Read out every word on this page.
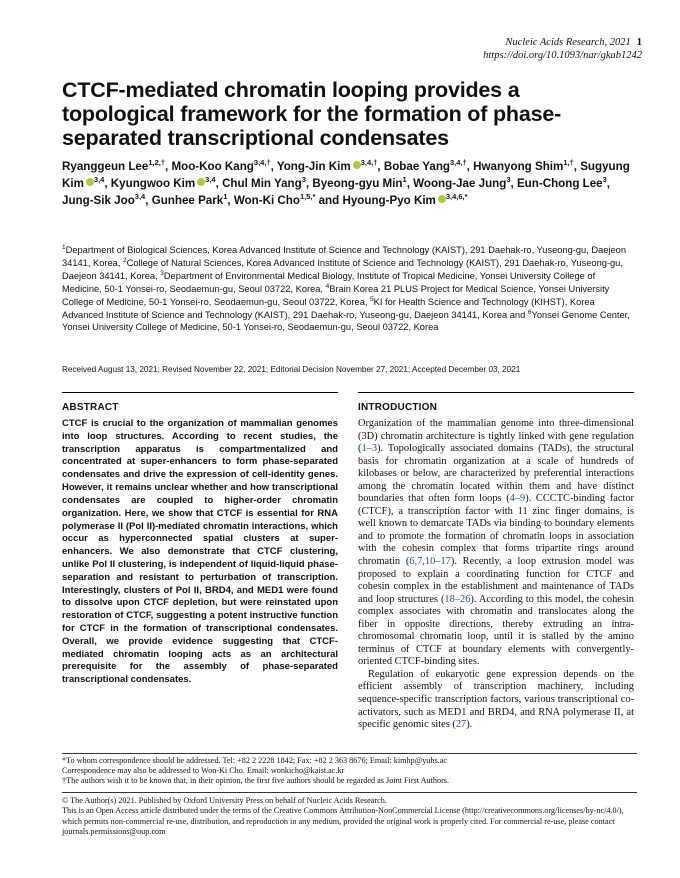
Nucleic Acids Research, 2021 1
https://doi.org/10.1093/nar/gkab1242
CTCF-mediated chromatin looping provides a topological framework for the formation of phase-separated transcriptional condensates
Ryanggeun Lee$^{1,2,\dagger}$, Moo-Koo Kang$^{3,4,\dagger}$, Yong-Jin Kim $^{3,4,\dagger}$, Bobae Yang$^{3,4,\dagger}$, Hwanyong Shim$^{1,\dagger}$, Sugyung Kim $^{3,4}$, Kyungwoo Kim $^{3,4}$, Chul Min Yang$^3$, Byeong-gyu Min$^1$, Woong-Jae Jung$^3$, Eun-Chong Lee$^3$, Jung-Sik Joo$^{3,4}$, Gunhee Park$^1$, Won-Ki Cho$^{1,5,*}$ and Hyoung-Pyo Kim $^{3,4,6,*}$
$^1$Department of Biological Sciences, Korea Advanced Institute of Science and Technology (KAIST), 291 Daehak-ro, Yuseong-gu, Daejeon 34141, Korea, $^2$College of Natural Sciences, Korea Advanced Institute of Science and Technology (KAIST), 291 Daehak-ro, Yuseong-gu, Daejeon 34141, Korea, $^3$Department of Environmental Medical Biology, Institute of Tropical Medicine, Yonsei University College of Medicine, 50-1 Yonsei-ro, Seodaemun-gu, Seoul 03722, Korea, $^4$Brain Korea 21 PLUS Project for Medical Science, Yonsei University College of Medicine, 50-1 Yonsei-ro, Seodaemun-gu, Seoul 03722, Korea, $^5$KI for Health Science and Technology (KIHST), Korea Advanced Institute of Science and Technology (KAIST), 291 Daehak-ro, Yuseong-gu, Daejeon 34141, Korea and $^6$Yonsei Genome Center, Yonsei University College of Medicine, 50-1 Yonsei-ro, Seodaemun-gu, Seoul 03722, Korea
Received August 13, 2021; Revised November 22, 2021; Editorial Decision November 27, 2021; Accepted December 03, 2021
ABSTRACT	INTRODUCTION
CTCF is crucial to the organization of mammalian genomes into loop structures. According to recent studies, the transcription apparatus is compartmentalized and concentrated at super-enhancers to form phase-separated condensates and drive the expression of cell-identity genes. However, it remains unclear whether and how transcriptional condensates are coupled to higher-order chromatin organization. Here, we show that CTCF is essential for RNA polymerase II (Pol II)-mediated chromatin interactions, which occur as hyperconnected spatial clusters at super-enhancers. We also demonstrate that CTCF clustering, unlike Pol II clustering, is independent of liquid-liquid phase-separation and resistant to perturbation of transcription. Interestingly, clusters of Pol II, BRD4, and MED1 were found to dissolve upon CTCF depletion, but were reinstated upon restoration of CTCF, suggesting a potent instructive function for CTCF in the formation of transcriptional condensates. Overall, we provide evidence suggesting that CTCF-mediated chromatin looping acts as an architectural prerequisite for the assembly of phase-separated transcriptional condensates.

Organization of the mammalian genome into three-dimensional (3D) chromatin architecture is tightly linked with gene regulation (1–3). Topologically associated domains (TADs), the structural basis for chromatin organization at a scale of hundreds of kilobases or below, are characterized by preferential interactions among the chromatin located within them and have distinct boundaries that often form loops (4–9). CCCTC-binding factor (CTCF), a transcription factor with 11 zinc finger domains, is well known to demarcate TADs via binding to boundary elements and to promote the formation of chromatin loops in association with the cohesin complex that forms tripartite rings around chromatin (6,7,10–17). Recently, a loop extrusion model was proposed to explain a coordinating function for CTCF and cohesin complex in the establishment and maintenance of TADs and loop structures (18–26). According to this model, the cohesin complex associates with chromatin and translocates along the fiber in opposite directions, thereby extruding an intra-chromosomal chromatin loop, until it is stalled by the amino terminus of CTCF at boundary elements with convergently-oriented CTCF-binding sites.

Regulation of eukaryotic gene expression depends on the efficient assembly of transcription machinery, including sequence-specific transcription factors, various transcriptional co-activators, such as MED1 and BRD4, and RNA polymerase II, at specific genomic sites (27).

*To whom correspondence should be addressed. Tel: +82 2 2228 1842; Fax: +82 2 363 8676; Email: kimhp@yuhs.ac
Correspondence may also be addressed to Won-Ki Cho. Email: wonkicho@kaist.ac.kr
†The authors wish it to be known that, in their opinion, the first five authors should be regarded as Joint First Authors.
© The Author(s) 2021. Published by Oxford University Press on behalf of Nucleic Acids Research.
This is an Open Access article distributed under the terms of the Creative Commons Attribution-NonCommercial License (http://creativecommons.org/licenses/by-nc/4.0/), which permits non-commercial re-use, distribution, and reproduction in any medium, provided the original work is properly cited. For commercial re-use, please contact journals.permissions@oup.com
